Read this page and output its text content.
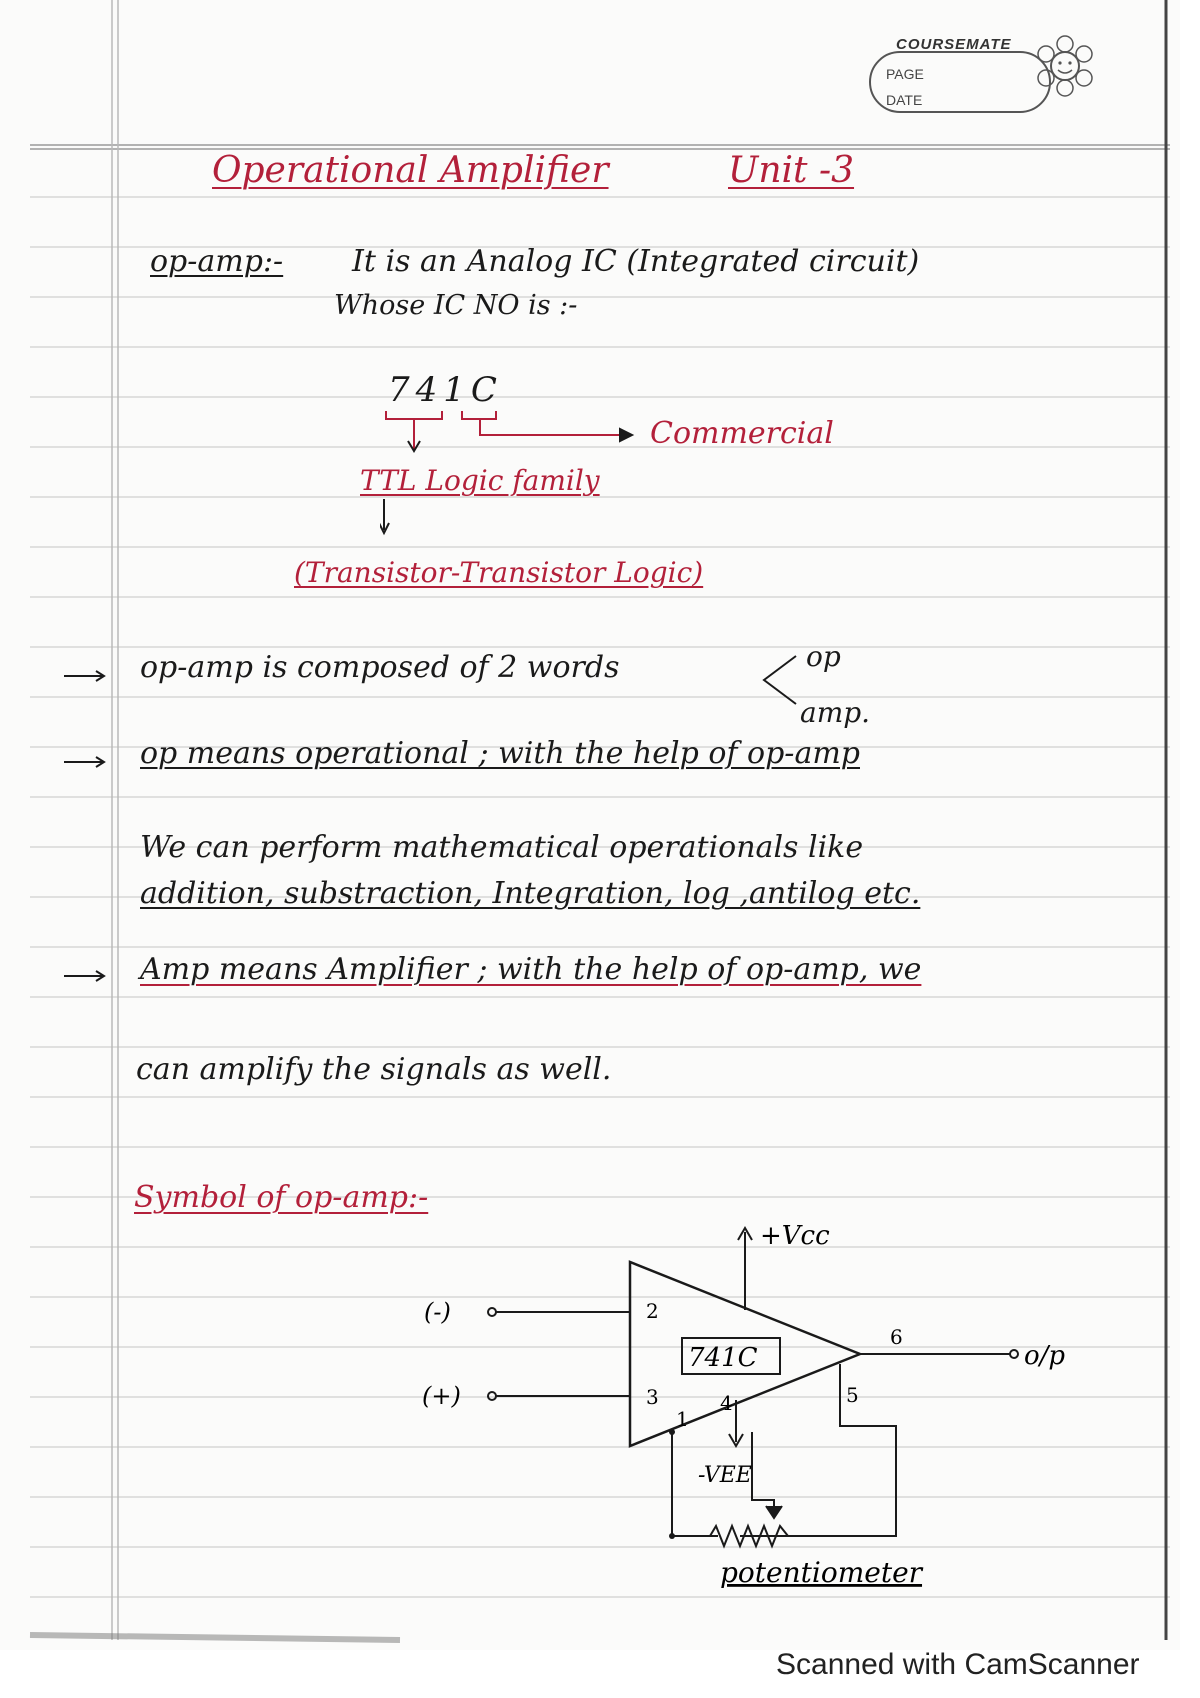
COURSEMATE
PAGE
DATE
Operational Amplifier	Unit -3
op-amp:- It is an Analog IC (Integrated circuit)
Whose IC NO is :-
741C
Commercial
TTL Logic family
(Transistor-Transistor Logic)
op-amp is composed of 2 words	op
amp.
op means operational ; with the help of op-amp
We can perform mathematical operationals like
addition, substraction, Integration, log ,antilog etc.
Amp means Amplifier ; with the help of op-amp, we
can amplify the signals as well.
Symbol of op-amp:-
+Vcc
(-)
(+)
o/p
741C
2
3
6
5
4
1
-VEE
potentiometer
Scanned with CamScanner
